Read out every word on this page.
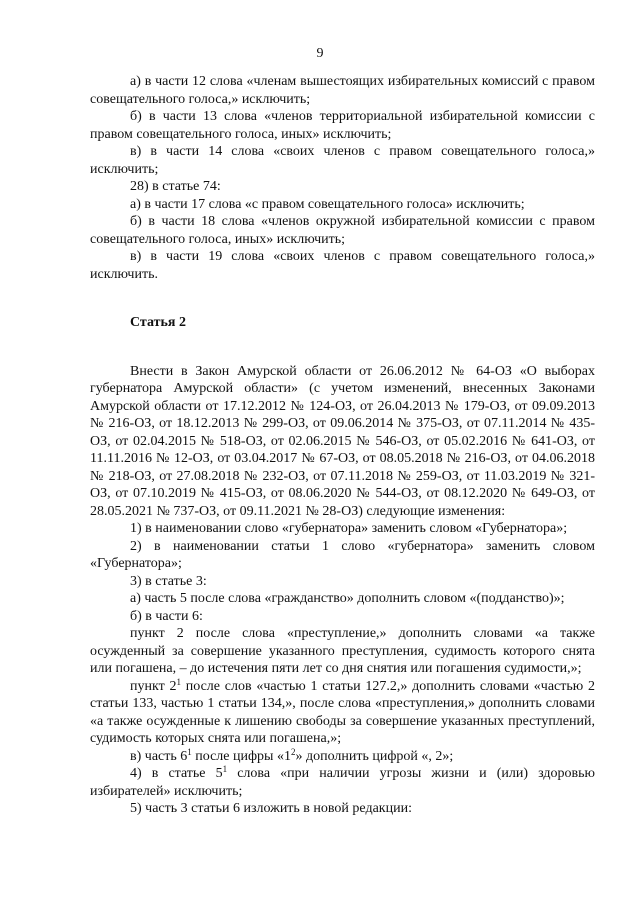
9

а) в части 12 слова «членам вышестоящих избирательных комиссий с правом совещательного голоса,» исключить;

б) в части 13 слова «членов территориальной избирательной комиссии с правом совещательного голоса, иных» исключить;

в) в части 14 слова «своих членов с правом совещательного голоса,» исключить;

28) в статье 74:

а) в части 17 слова «с правом совещательного голоса» исключить;

б) в части 18 слова «членов окружной избирательной комиссии с правом совещательного голоса, иных» исключить;

в) в части 19 слова «своих членов с правом совещательного голоса,» исключить.

Статья 2

Внести в Закон Амурской области от 26.06.2012 № 64-ОЗ «О выборах губернатора Амурской области» (с учетом изменений, внесенных Законами Амурской области от 17.12.2012 № 124-ОЗ, от 26.04.2013 № 179-ОЗ, от 09.09.2013 № 216-ОЗ, от 18.12.2013 № 299-ОЗ, от 09.06.2014 № 375-ОЗ, от 07.11.2014 № 435-ОЗ, от 02.04.2015 № 518-ОЗ, от 02.06.2015 № 546-ОЗ, от 05.02.2016 № 641-ОЗ, от 11.11.2016 № 12-ОЗ, от 03.04.2017 № 67-ОЗ, от 08.05.2018 № 216-ОЗ, от 04.06.2018 № 218-ОЗ, от 27.08.2018 № 232-ОЗ, от 07.11.2018 № 259-ОЗ, от 11.03.2019 № 321-ОЗ, от 07.10.2019 № 415-ОЗ, от 08.06.2020 № 544-ОЗ, от 08.12.2020 № 649-ОЗ, от 28.05.2021 № 737-ОЗ, от 09.11.2021 № 28-ОЗ) следующие изменения:

1) в наименовании слово «губернатора» заменить словом «Губернатора»;

2) в наименовании статьи 1 слово «губернатора» заменить словом «Губернатора»;

3) в статье 3:

а) часть 5 после слова «гражданство» дополнить словом «(подданство)»;

б) в части 6:

пункт 2 после слова «преступление,» дополнить словами «а также осужденный за совершение указанного преступления, судимость которого снята или погашена, – до истечения пяти лет со дня снятия или погашения судимости,»;

пункт $2^1$ после слов «частью 1 статьи 127.2,» дополнить словами «частью 2 статьи 133, частью 1 статьи 134,», после слова «преступления,» дополнить словами «а также осужденные к лишению свободы за совершение указанных преступлений, судимость которых снята или погашена,»;

в) часть $6^1$ после цифры «$1^2$» дополнить цифрой «, 2»;

4) в статье $5^1$ слова «при наличии угрозы жизни и (или) здоровью избирателей» исключить;

5) часть 3 статьи 6 изложить в новой редакции:
